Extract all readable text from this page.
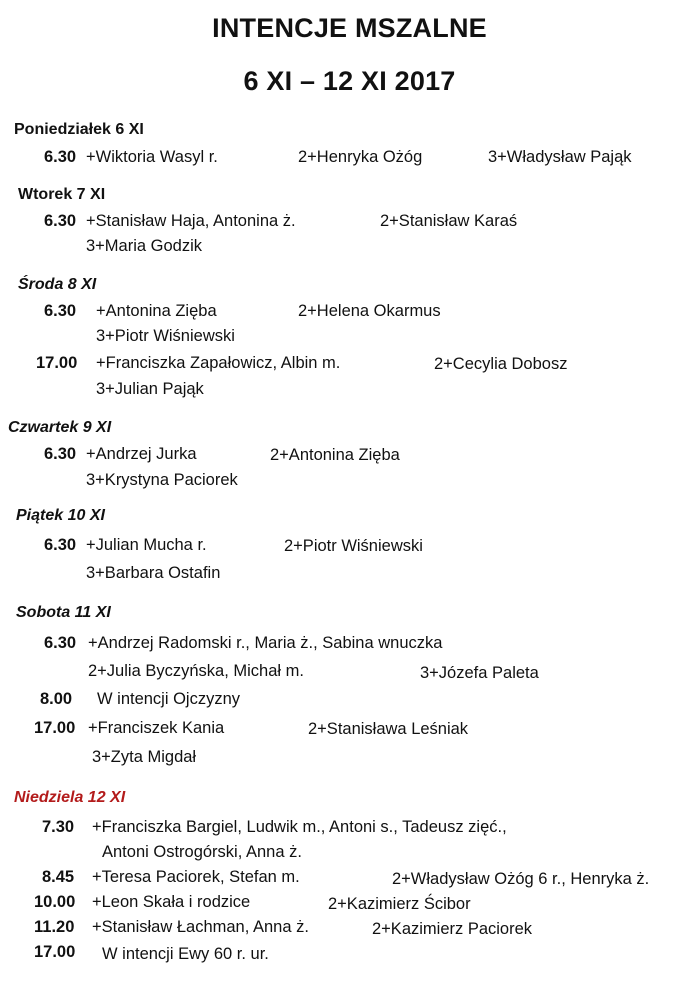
INTENCJE MSZALNE
6 XI – 12 XI 2017
Poniedziałek 6 XI
6.30 +Wiktoria Wasyl r.	2+Henryka Ożóg	3+Władysław Pająk
Wtorek 7 XI
6.30 +Stanisław Haja, Antonina ż.	2+Stanisław Karaś
3+Maria Godzik
Środa 8 XI
6.30 +Antonina Zięba	2+Helena Okarmus
3+Piotr Wiśniewski
17.00 +Franciszka Zapałowicz, Albin m.	2+Cecylia Dobosz
3+Julian Pająk
Czwartek 9 XI
6.30 +Andrzej Jurka	2+Antonina Zięba
3+Krystyna Paciorek
Piątek 10 XI
6.30 +Julian Mucha r.	2+Piotr Wiśniewski
3+Barbara Ostafin
Sobota 11 XI
6.30 +Andrzej Radomski r., Maria ż., Sabina wnuczka
2+Julia Byczyńska, Michał m.	3+Józefa Paleta
8.00 W intencji Ojczyzny
17.00 +Franciszek Kania	2+Stanisława Leśniak
3+Zyta Migdał
Niedziela 12 XI
7.30 +Franciszka Bargiel, Ludwik m., Antoni s., Tadeusz zięć.,
Antoni Ostrogórski, Anna ż.
8.45 +Teresa Paciorek, Stefan m.	2+Władysław Ożóg 6 r., Henryka ż.
10.00 +Leon Skała i rodzice	2+Kazimierz Ścibor
11.20 +Stanisław Łachman, Anna ż.	2+Kazimierz Paciorek
17.00 W intencji Ewy 60 r. ur.
